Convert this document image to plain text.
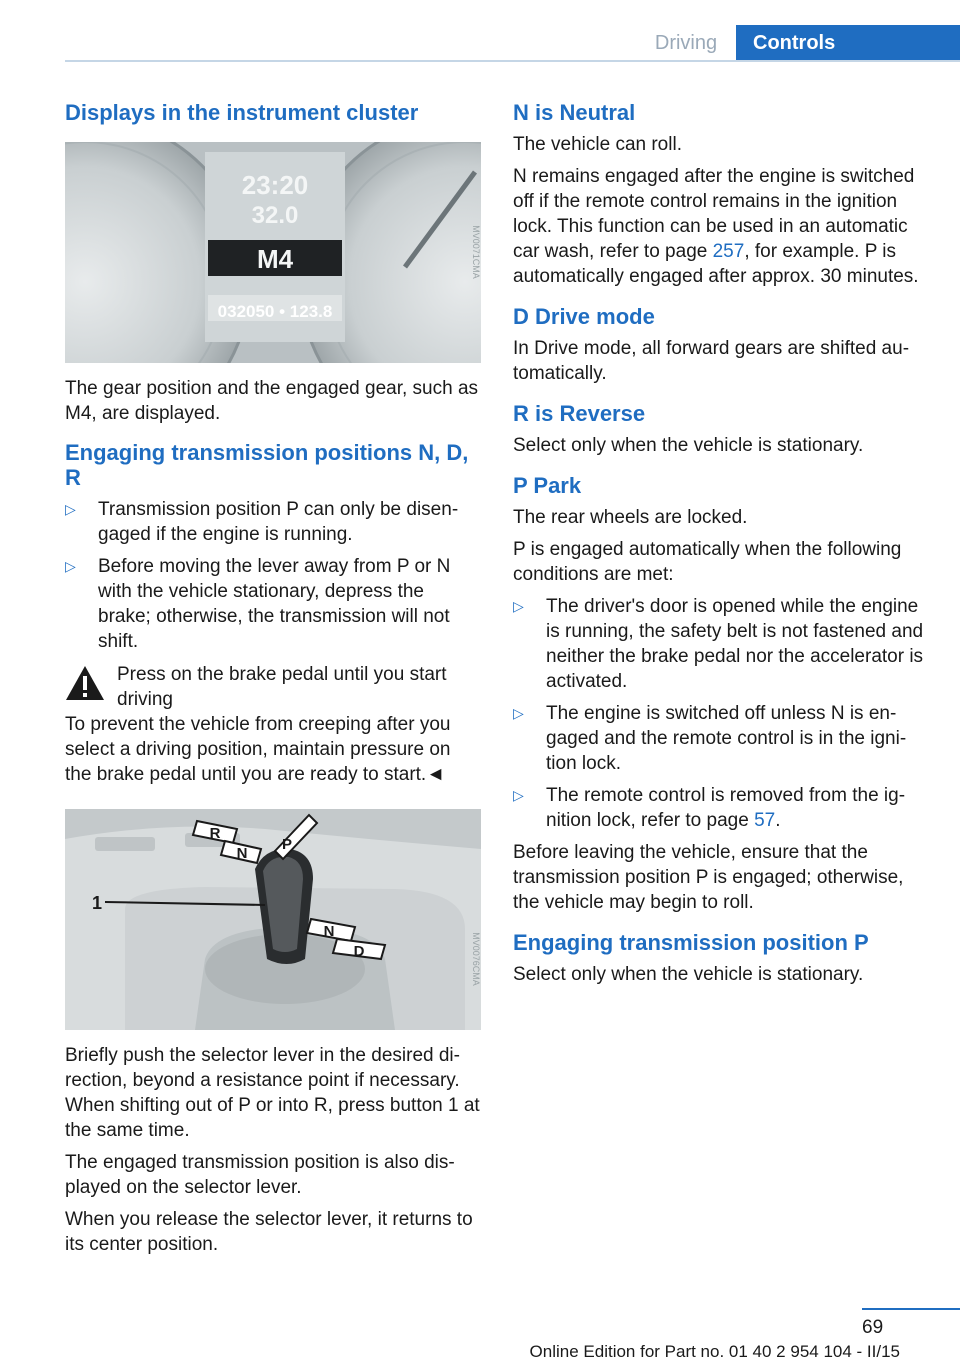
Driving	Controls
Displays in the instrument cluster
23:20
32.0
M4
032050 • 123.8
MV0071CMA

The gear position and the engaged gear, such as M4, are displayed.

Engaging transmission positions N, D, R
▷	Transmission position P can only be disengaged if the engine is running.
▷	Before moving the lever away from P or N with the vehicle stationary, depress the brake; otherwise, the transmission will not shift.
Press on the brake pedal until you start driving

To prevent the vehicle from creeping after you select a driving position, maintain pressure on the brake pedal until you are ready to start.◄

1
R
N
P
N
D	MV0076CMA

Briefly push the selector lever in the desired direction, beyond a resistance point if necessary. When shifting out of P or into R, press button 1 at the same time.

The engaged transmission position is also displayed on the selector lever.

When you release the selector lever, it returns to its center position.

N is Neutral

The vehicle can roll.

N remains engaged after the engine is switched off if the remote control remains in the ignition lock. This function can be used in an automatic car wash, refer to page 257, for example. P is automatically engaged after approx. 30 minutes.

D Drive mode

In Drive mode, all forward gears are shifted automatically.

R is Reverse

Select only when the vehicle is stationary.

P Park

The rear wheels are locked.

P is engaged automatically when the following conditions are met:

▷	The driver's door is opened while the engine is running, the safety belt is not fastened and neither the brake pedal nor the accelerator is activated.
▷	The engine is switched off unless N is engaged and the remote control is in the ignition lock.
▷	The remote control is removed from the ignition lock, refer to page 57.

Before leaving the vehicle, ensure that the transmission position P is engaged; otherwise, the vehicle may begin to roll.

Engaging transmission position P

Select only when the vehicle is stationary.

69
Online Edition for Part no. 01 40 2 954 104 - II/15
